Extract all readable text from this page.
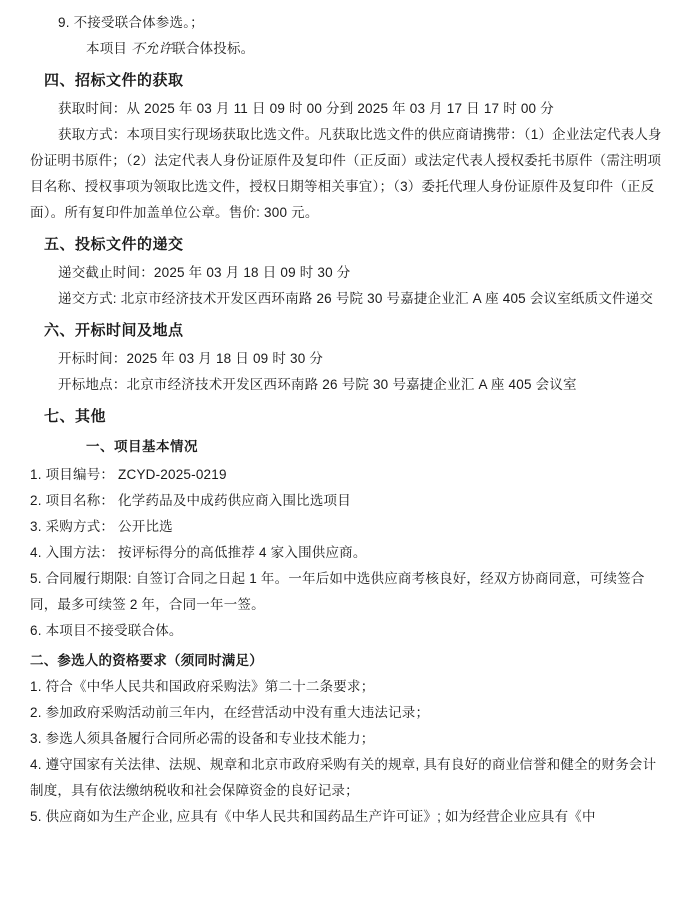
9. 不接受联合体参选。；
本项目 不允许联合体投标。
四、招标文件的获取
获取时间：从 2025 年 03 月 11 日 09 时 00 分到 2025 年 03 月 17 日 17 时 00 分
获取方式：本项目实行现场获取比选文件。凡获取比选文件的供应商请携带：（1）企业法定代表人身份证明书原件；（2）法定代表人身份证原件及复印件（正反面）或法定代表人授权委托书原件（需注明项目名称、授权事项为领取比选文件，授权日期等相关事宜）；（3）委托代理人身份证原件及复印件（正反面）。所有复印件加盖单位公章。售价: 300 元。
五、投标文件的递交
递交截止时间：2025 年 03 月 18 日 09 时 30 分
递交方式: 北京市经济技术开发区西环南路 26 号院 30 号嘉捷企业汇 A 座 405 会议室纸质文件递交
六、开标时间及地点
开标时间：2025 年 03 月 18 日 09 时 30 分
开标地点：北京市经济技术开发区西环南路 26 号院 30 号嘉捷企业汇 A 座 405 会议室
七、其他
一、项目基本情况
1. 项目编号： ZCYD-2025-0219
2. 项目名称： 化学药品及中成药供应商入围比选项目
3. 采购方式： 公开比选
4. 入围方法： 按评标得分的高低推荐 4 家入围供应商。
5. 合同履行期限: 自签订合同之日起 1 年。一年后如中选供应商考核良好，经双方协商同意，可续签合同，最多可续签 2 年，合同一年一签。
6. 本项目不接受联合体。
二、参选人的资格要求（须同时满足）
1. 符合《中华人民共和国政府采购法》第二十二条要求；
2. 参加政府采购活动前三年内，在经营活动中没有重大违法记录；
3. 参选人须具备履行合同所必需的设备和专业技术能力；
4. 遵守国家有关法律、法规、规章和北京市政府采购有关的规章, 具有良好的商业信誉和健全的财务会计制度，具有依法缴纳税收和社会保障资金的良好记录；
5. 供应商如为生产企业, 应具有《中华人民共和国药品生产许可证》; 如为经营企业应具有《中
